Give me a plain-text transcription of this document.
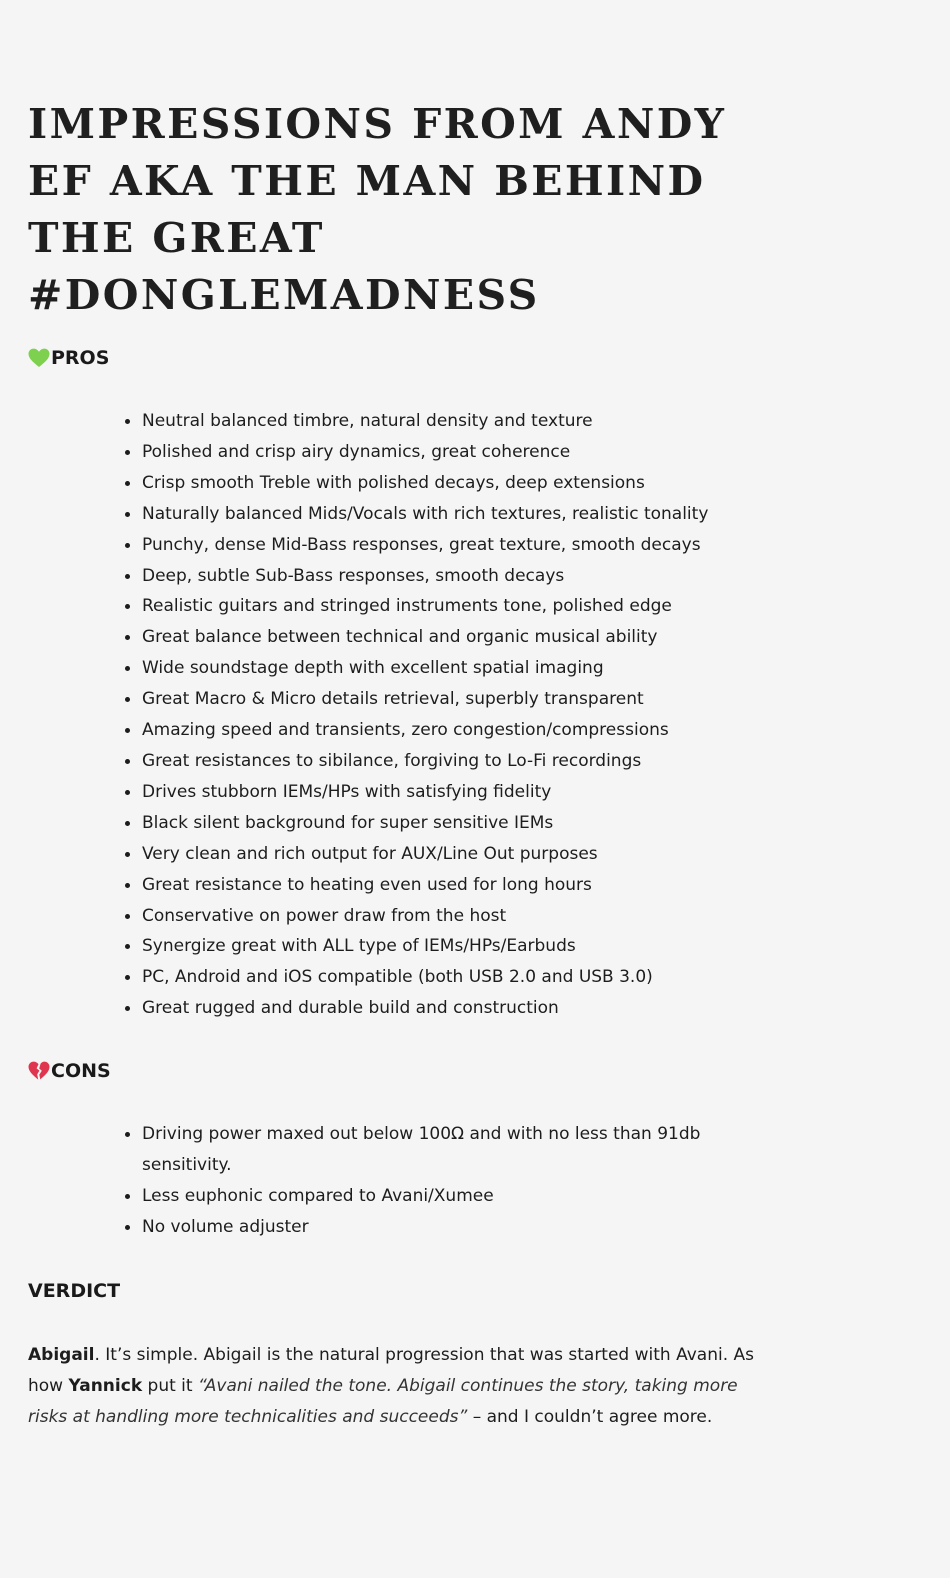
IMPRESSIONS FROM ANDY EF AKA THE MAN BEHIND THE GREAT #DONGLEMADNESS
PROS
Neutral balanced timbre, natural density and texture
Polished and crisp airy dynamics, great coherence
Crisp smooth Treble with polished decays, deep extensions
Naturally balanced Mids/Vocals with rich textures, realistic tonality
Punchy, dense Mid-Bass responses, great texture, smooth decays
Deep, subtle Sub-Bass responses, smooth decays
Realistic guitars and stringed instruments tone, polished edge
Great balance between technical and organic musical ability
Wide soundstage depth with excellent spatial imaging
Great Macro & Micro details retrieval, superbly transparent
Amazing speed and transients, zero congestion/compressions
Great resistances to sibilance, forgiving to Lo-Fi recordings
Drives stubborn IEMs/HPs with satisfying fidelity
Black silent background for super sensitive IEMs
Very clean and rich output for AUX/Line Out purposes
Great resistance to heating even used for long hours
Conservative on power draw from the host
Synergize great with ALL type of IEMs/HPs/Earbuds
PC, Android and iOS compatible (both USB 2.0 and USB 3.0)
Great rugged and durable build and construction
CONS
Driving power maxed out below 100Ω and with no less than 91db sensitivity.
Less euphonic compared to Avani/Xumee
No volume adjuster
VERDICT

Abigail. It’s simple. Abigail is the natural progression that was started with Avani. As how Yannick put it “Avani nailed the tone. Abigail continues the story, taking more risks at handling more technicalities and succeeds” – and I couldn’t agree more.
